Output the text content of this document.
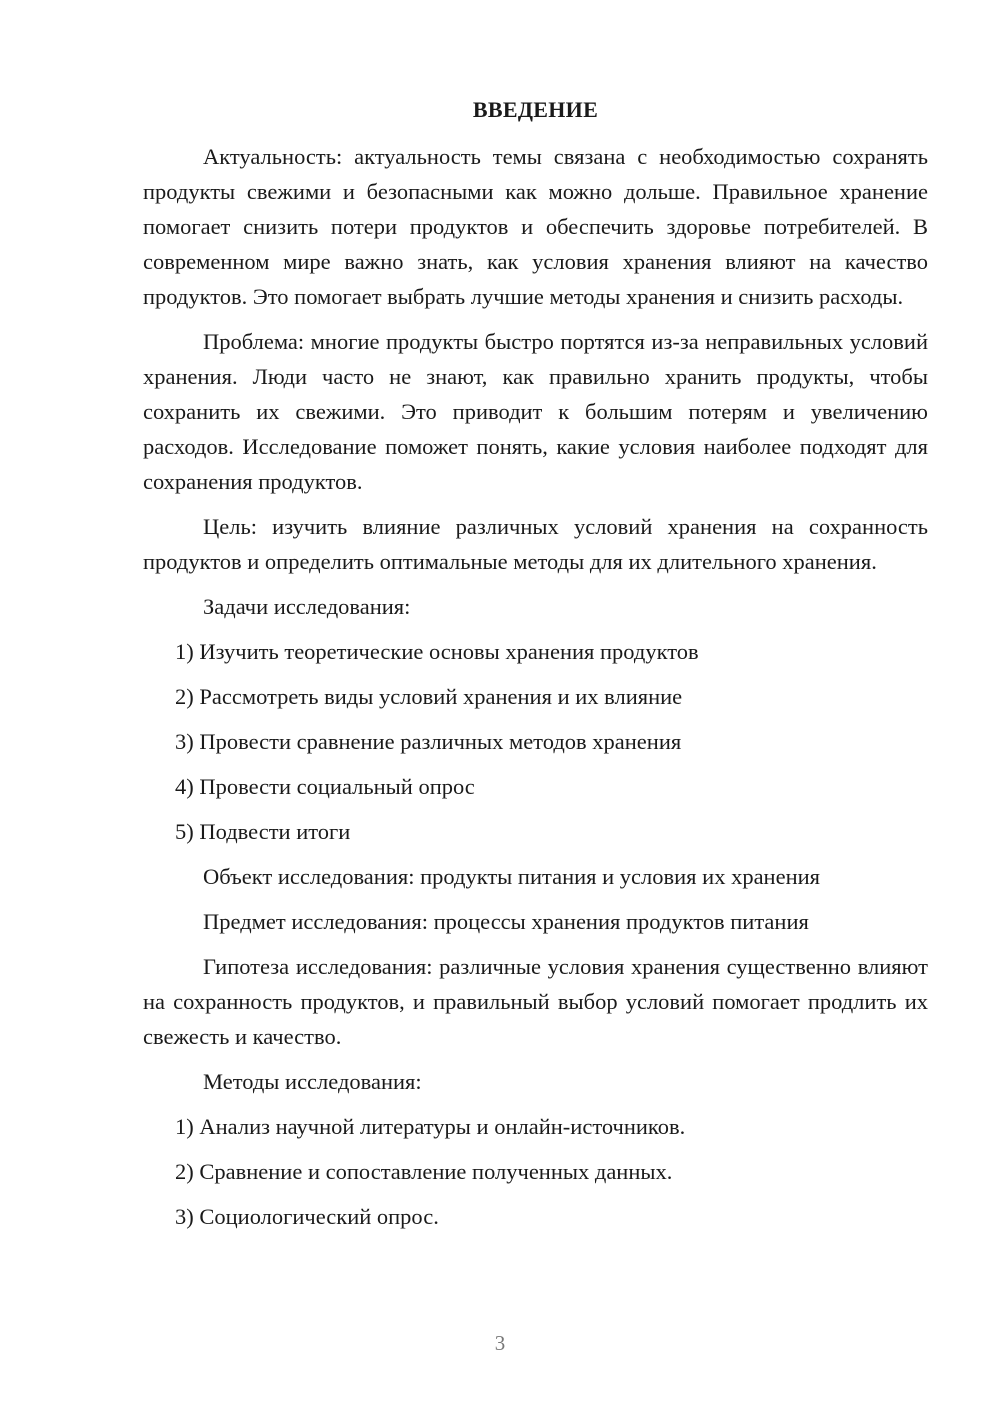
ВВЕДЕНИЕ

Актуальность: актуальность темы связана с необходимостью сохранять продукты свежими и безопасными как можно дольше. Правильное хранение помогает снизить потери продуктов и обеспечить здоровье потребителей. В современном мире важно знать, как условия хранения влияют на качество продуктов. Это помогает выбрать лучшие методы хранения и снизить расходы.

Проблема: многие продукты быстро портятся из-за неправильных условий хранения. Люди часто не знают, как правильно хранить продукты, чтобы сохранить их свежими. Это приводит к большим потерям и увеличению расходов. Исследование поможет понять, какие условия наиболее подходят для сохранения продуктов.

Цель: изучить влияние различных условий хранения на сохранность продуктов и определить оптимальные методы для их длительного хранения.

Задачи исследования:
1) Изучить теоретические основы хранения продуктов
2) Рассмотреть виды условий хранения и их влияние
3) Провести сравнение различных методов хранения
4) Провести социальный опрос
5) Подвести итоги
Объект исследования: продукты питания и условия их хранения
Предмет исследования: процессы хранения продуктов питания

Гипотеза исследования: различные условия хранения существенно влияют на сохранность продуктов, и правильный выбор условий помогает продлить их свежесть и качество.

Методы исследования:
1) Анализ научной литературы и онлайн-источников.
2) Сравнение и сопоставление полученных данных.
3) Социологический опрос.
3
